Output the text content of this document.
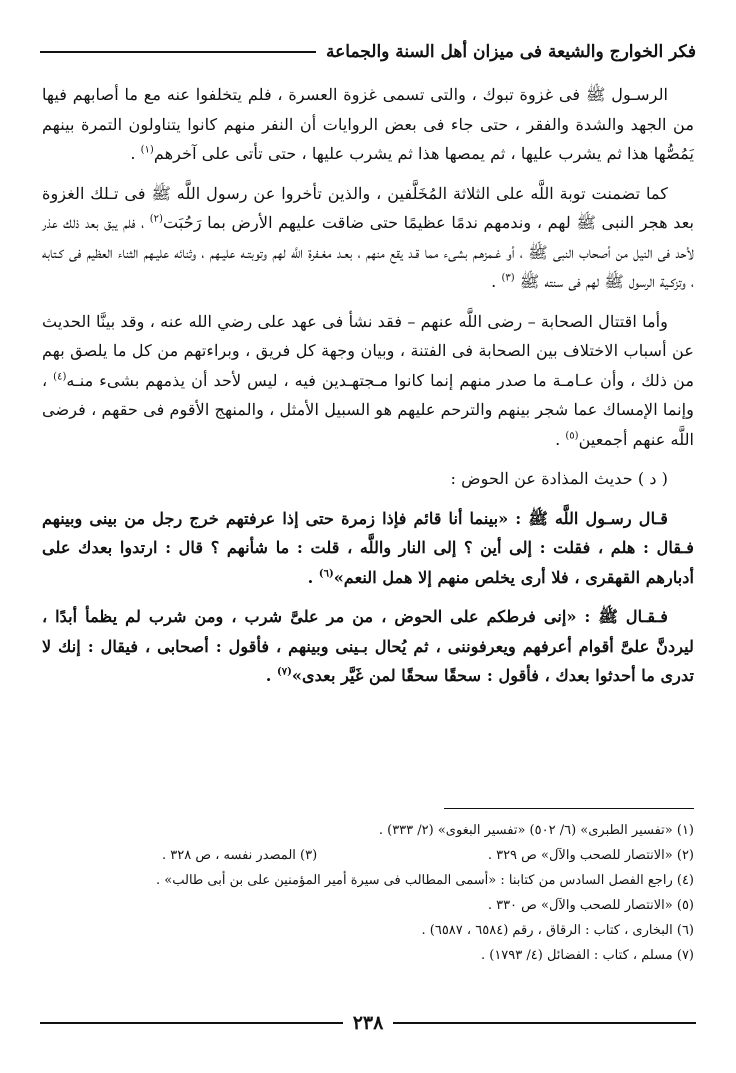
فكر الخوارج والشيعة فى ميزان أهل السنة والجماعة

الرسـول ﷺ فى غزوة تبوك ، والتى تسمى غزوة العسرة ، فلم يتخلفوا عنه مع ما أصابهم فيها من الجهد والشدة والفقر ، حتى جاء فى بعض الروايات أن النفر منهم كانوا يتناولون التمرة بينهم يَمُصُّها هذا ثم يشرب عليها ، ثم يمصها هذا ثم يشرب عليها ، حتى تأتى على آخرهم$^{(١)}$ .

كما تضمنت توبة اللَّه على الثلاثة المُخَلَّفين ، والذين تأخروا عن رسول اللَّه ﷺ فى تـلك الغزوة بعد هجر النبى ﷺ لهم ، وندمهم ندمًا عظيمًا حتى ضاقت عليهم الأرض بما رَحُبَت$^{(٢)}$ ، فلم يبق بعد ذلك عذر لأحد فى النيل من أصحاب النبى ﷺ ، أو غـمزهـم بشىء مما قـد يقع منهم ، بعـد مغـفرة اللَّه لهم وتوبتـه عليـهم ، وثنائه عليـهم الثناء العظيم فى كـتابه ، وتزكـية الرسول ﷺ لهم فى سنته ﷺ $^{(٣)}$ .

وأما اقتتال الصحابة – رضى اللَّه عنهم – فقد نشأ فى عهد على رضي الله عنه ، وقد بينَّا الحديث عن أسباب الاختلاف بين الصحابة فى الفتنة ، وبيان وجهة كل فريق ، وبراءتهم من كل ما يلصق بهم من ذلك ، وأن عـامـة ما صدر منهم إنما كانوا مـجتهـدين فيه ، ليس لأحد أن يذمهم بشىء منـه$^{(٤)}$ ، وإنما الإمساك عما شجر بينهم والترحم عليهم هو السبيل الأمثل ، والمنهج الأقوم فى حقهم ، فرضى اللَّه عنهم أجمعين$^{(٥)}$ .

( د ) حديث المذادة عن الحوض :

قـال رسـول اللَّه ﷺ : «بينما أنا قائم فإذا زمرة حتى إذا عرفتهم خرج رجل من بينى وبينهم فـقال : هلم ، فقلت : إلى أين ؟ إلى النار واللَّه ، قلت : ما شأنهم ؟ قال : ارتدوا بعدك على أدبارهم القهقرى ، فلا أرى يخلص منهم إلا همل النعم»$^{(٦)}$ .

فـقـال ﷺ : «إنى فرطكم على الحوض ، من مر علىَّ شرب ، ومن شرب لم يظمأ أبدًا ، ليردنَّ علىَّ أقوام أعرفهم ويعرفوننى ، ثم يُحال بـينى وبينهم ، فأقول : أصحابى ، فيقال : إنك لا تدرى ما أحدثوا بعدك ، فأقول : سحقًا سحقًا لمن غَيَّر بعدى»$^{(٧)}$ .

(١) «تفسير الطبرى» (٦/ ٥٠٢) «تفسير البغوى» (٢/ ٣٣٣) .
(٢) «الانتصار للصحب والآل» ص ٣٢٩ .
(٣) المصدر نفسه ، ص ٣٢٨ .
(٤) راجع الفصل السادس من كتابنا : «أسمى المطالب فى سيرة أمير المؤمنين على بن أبى طالب» .
(٥) «الانتصار للصحب والآل» ص ٣٣٠ .
(٦) البخارى ، كتاب : الرقاق ، رقم (٦٥٨٤ ، ٦٥٨٧) .
(٧) مسلم ، كتاب : الفضائل (٤/ ١٧٩٣) .
٢٣٨
